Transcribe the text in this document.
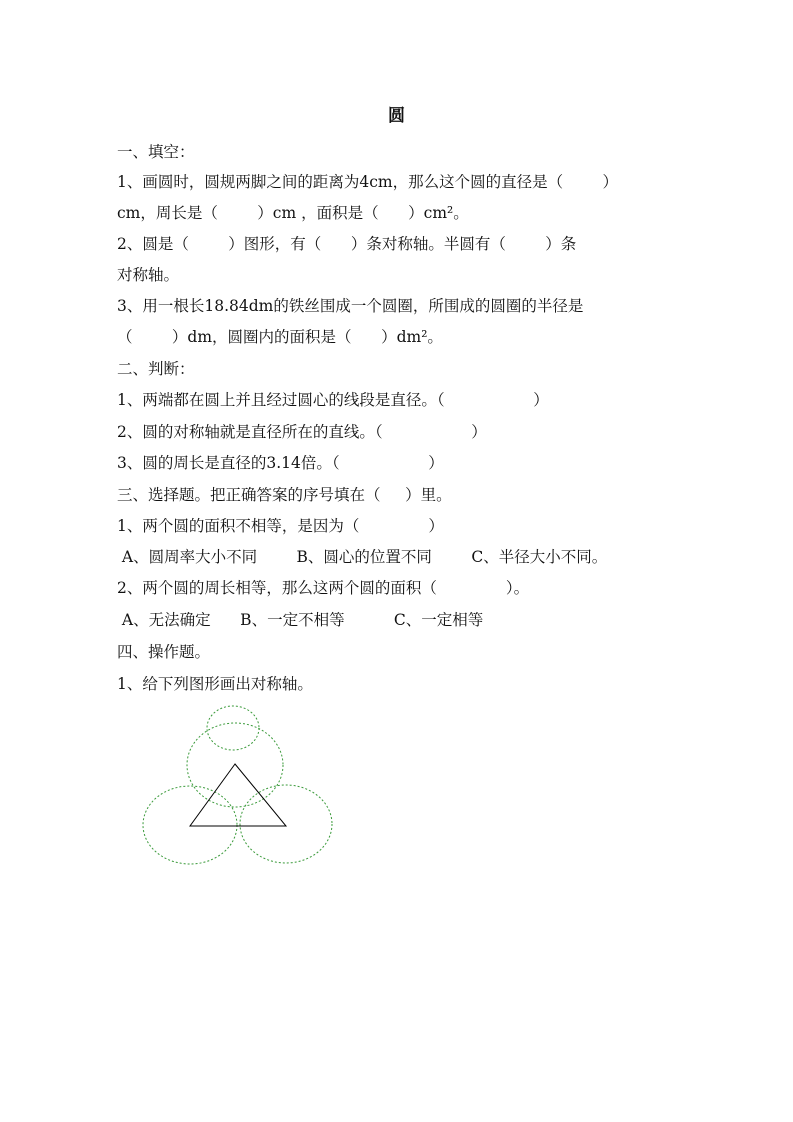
圆
一、填空：
1、画圆时，圆规两脚之间的距离为4cm，那么这个圆的直径是（        ）
cm，周长是（        ）cm ，面积是（      ）cm²。
2、圆是（        ）图形，有（      ）条对称轴。半圆有（        ）条
对称轴。
3、用一根长18.84dm的铁丝围成一个圆圈，所围成的圆圈的半径是
（        ）dm，圆圈内的面积是（      ）dm²。
二、判断：
1、两端都在圆上并且经过圆心的线段是直径。（                  ）
2、圆的对称轴就是直径所在的直线。（                  ）
3、圆的周长是直径的3.14倍。（                  ）
三、选择题。把正确答案的序号填在（     ）里。
1、两个圆的面积不相等，是因为（              ）
A、圆周率大小不同        B、圆心的位置不同        C、半径大小不同。
2、两个圆的周长相等，那么这两个圆的面积（              ）。
A、无法确定      B、一定不相等          C、一定相等
四、操作题。
1、给下列图形画出对称轴。
